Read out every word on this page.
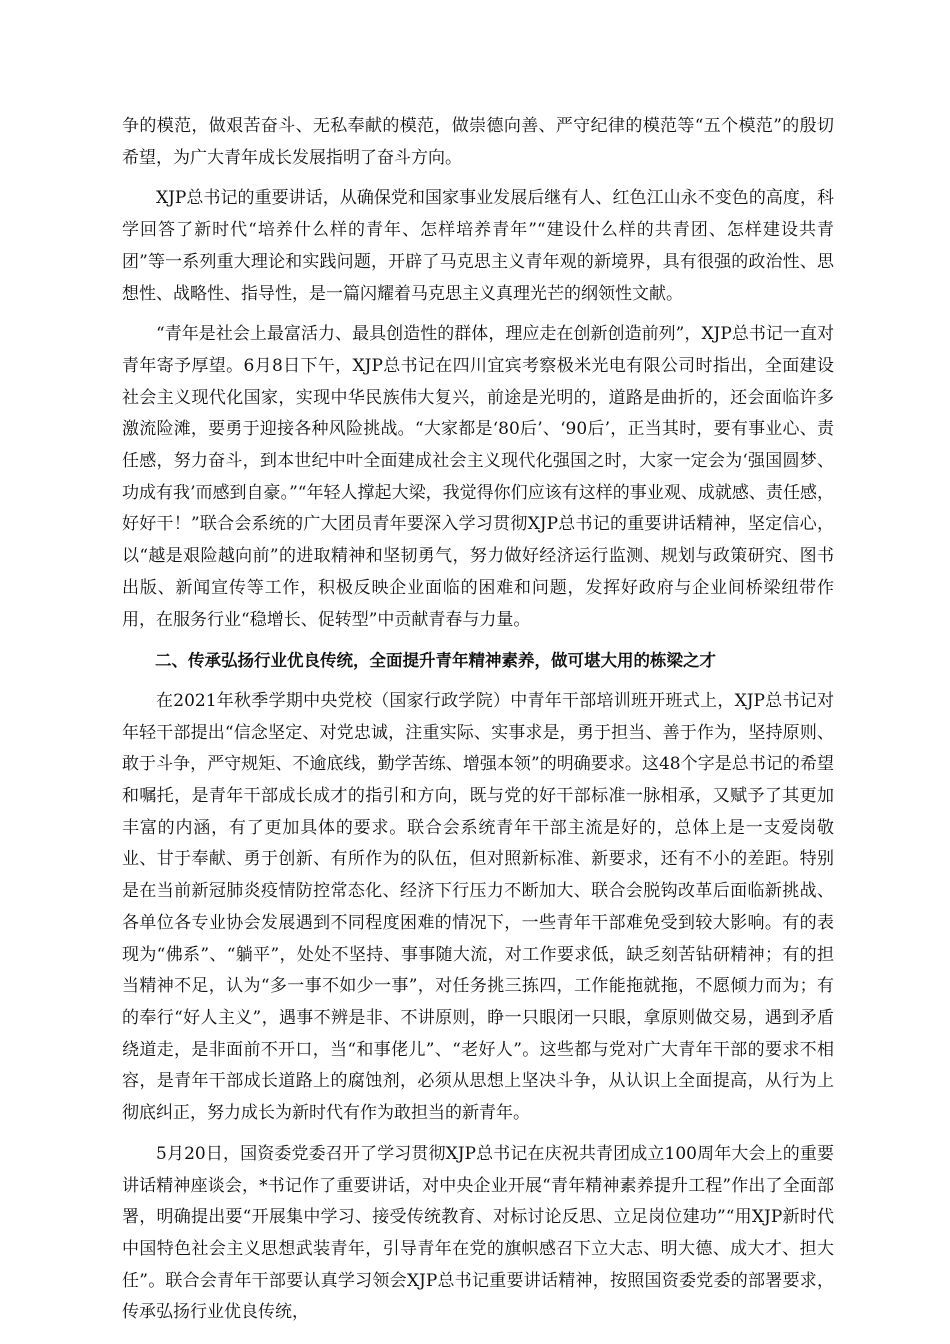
争的模范，做艰苦奋斗、无私奉献的模范，做崇德向善、严守纪律的模范等“五个模范”的殷切希望，为广大青年成长发展指明了奋斗方向。

XJP总书记的重要讲话，从确保党和国家事业发展后继有人、红色江山永不变色的高度，科学回答了新时代“培养什么样的青年、怎样培养青年”“建设什么样的共青团、怎样建设共青团”等一系列重大理论和实践问题，开辟了马克思主义青年观的新境界，具有很强的政治性、思想性、战略性、指导性，是一篇闪耀着马克思主义真理光芒的纲领性文献。

“青年是社会上最富活力、最具创造性的群体，理应走在创新创造前列”，XJP总书记一直对青年寄予厚望。6月8日下午，XJP总书记在四川宜宾考察极米光电有限公司时指出，全面建设社会主义现代化国家，实现中华民族伟大复兴，前途是光明的，道路是曲折的，还会面临许多激流险滩，要勇于迎接各种风险挑战。“大家都是‘80后’、‘90后’，正当其时，要有事业心、责任感，努力奋斗，到本世纪中叶全面建成社会主义现代化强国之时，大家一定会为‘强国圆梦、功成有我’而感到自豪。”“年轻人撑起大梁，我觉得你们应该有这样的事业观、成就感、责任感，好好干！”联合会系统的广大团员青年要深入学习贯彻XJP总书记的重要讲话精神，坚定信心，以“越是艰险越向前”的进取精神和坚韧勇气，努力做好经济运行监测、规划与政策研究、图书出版、新闻宣传等工作，积极反映企业面临的困难和问题，发挥好政府与企业间桥梁纽带作用，在服务行业“稳增长、促转型”中贡献青春与力量。

二、传承弘扬行业优良传统，全面提升青年精神素养，做可堪大用的栋梁之才

在2021年秋季学期中央党校（国家行政学院）中青年干部培训班开班式上，XJP总书记对年轻干部提出“信念坚定、对党忠诚，注重实际、实事求是，勇于担当、善于作为，坚持原则、敢于斗争，严守规矩、不逾底线，勤学苦练、增强本领”的明确要求。这48个字是总书记的希望和嘱托，是青年干部成长成才的指引和方向，既与党的好干部标准一脉相承，又赋予了其更加丰富的内涵，有了更加具体的要求。联合会系统青年干部主流是好的，总体上是一支爱岗敬业、甘于奉献、勇于创新、有所作为的队伍，但对照新标准、新要求，还有不小的差距。特别是在当前新冠肺炎疫情防控常态化、经济下行压力不断加大、联合会脱钩改革后面临新挑战、各单位各专业协会发展遇到不同程度困难的情况下，一些青年干部难免受到较大影响。有的表现为“佛系”、“躺平”，处处不坚持、事事随大流，对工作要求低，缺乏刻苦钻研精神；有的担当精神不足，认为“多一事不如少一事”，对任务挑三拣四，工作能拖就拖，不愿倾力而为；有的奉行“好人主义”，遇事不辨是非、不讲原则，睁一只眼闭一只眼，拿原则做交易，遇到矛盾绕道走，是非面前不开口，当“和事佬儿”、“老好人”。这些都与党对广大青年干部的要求不相容，是青年干部成长道路上的腐蚀剂，必须从思想上坚决斗争，从认识上全面提高，从行为上彻底纠正，努力成长为新时代有作为敢担当的新青年。

5月20日，国资委党委召开了学习贯彻XJP总书记在庆祝共青团成立100周年大会上的重要讲话精神座谈会，*书记作了重要讲话，对中央企业开展“青年精神素养提升工程”作出了全面部署，明确提出要“开展集中学习、接受传统教育、对标讨论反思、立足岗位建功”“用XJP新时代中国特色社会主义思想武装青年，引导青年在党的旗帜感召下立大志、明大德、成大才、担大任”。联合会青年干部要认真学习领会XJP总书记重要讲话精神，按照国资委党委的部署要求，传承弘扬行业优良传统，
